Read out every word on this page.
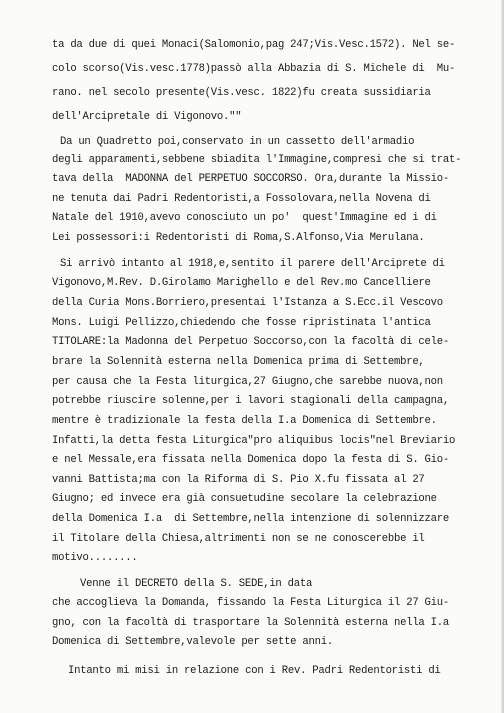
ta da due di quei Monaci(Salomonio,pag 247;Vis.Vesc.1572). Nel se-
colo scorso(Vis.vesc.1778)passò alla Abbazia di S. Michele di  Mu-
rano. nel secolo presente(Vis.vesc. 1822)fu creata sussidiaria
dell'Arcipretale di Vigonovo.""
Da un Quadretto poi,conservato in un cassetto dell'armadio
degli apparamenti,sebbene sbiadita l'Immagine,compresi che si trat-
tava della  MADONNA del PERPETUO SOCCORSO. Ora,durante la Missio-
ne tenuta dai Padri Redentoristi,a Fossolovara,nella Novena di
Natale del 1910,avevo conosciuto un po'  quest'Immagine ed i di
Lei possessori:i Redentoristi di Roma,S.Alfonso,Via Merulana.
Si arrivò intanto al 1918,e,sentito il parere dell'Arciprete di
Vigonovo,M.Rev. D.Girolamo Marighello e del Rev.mo Cancelliere
della Curia Mons.Borriero,presentai l'Istanza a S.Ecc.il Vescovo
Mons. Luigi Pellizzo,chiedendo che fosse ripristinata l'antica
TITOLARE:la Madonna del Perpetuo Soccorso,con la facoltà di cele-
brare la Solennità esterna nella Domenica prima di Settembre,
per causa che la Festa liturgica,27 Giugno,che sarebbe nuova,non
potrebbe riuscire solenne,per i lavori stagionali della campagna,
mentre è tradizionale la festa della I.a Domenica di Settembre.
Infatti,la detta festa Liturgica"pro aliquibus locis"nel Breviario
e nel Messale,era fissata nella Domenica dopo la festa di S. Gio-
vanni Battista;ma con la Riforma di S. Pio X.fu fissata al 27
Giugno; ed invece era già consuetudine secolare la celebrazione
della Domenica I.a  di Settembre,nella intenzione di solennizzare
il Titolare della Chiesa,altrimenti non se ne conoscerebbe il
motivo........
Venne il DECRETO della S. SEDE,in data
che accoglieva la Domanda, fissando la Festa Liturgica il 27 Giu-
gno, con la facoltà di trasportare la Solennità esterna nella I.a
Domenica di Settembre,valevole per sette anni.
Intanto mi misi in relazione con i Rev. Padri Redentoristi di
